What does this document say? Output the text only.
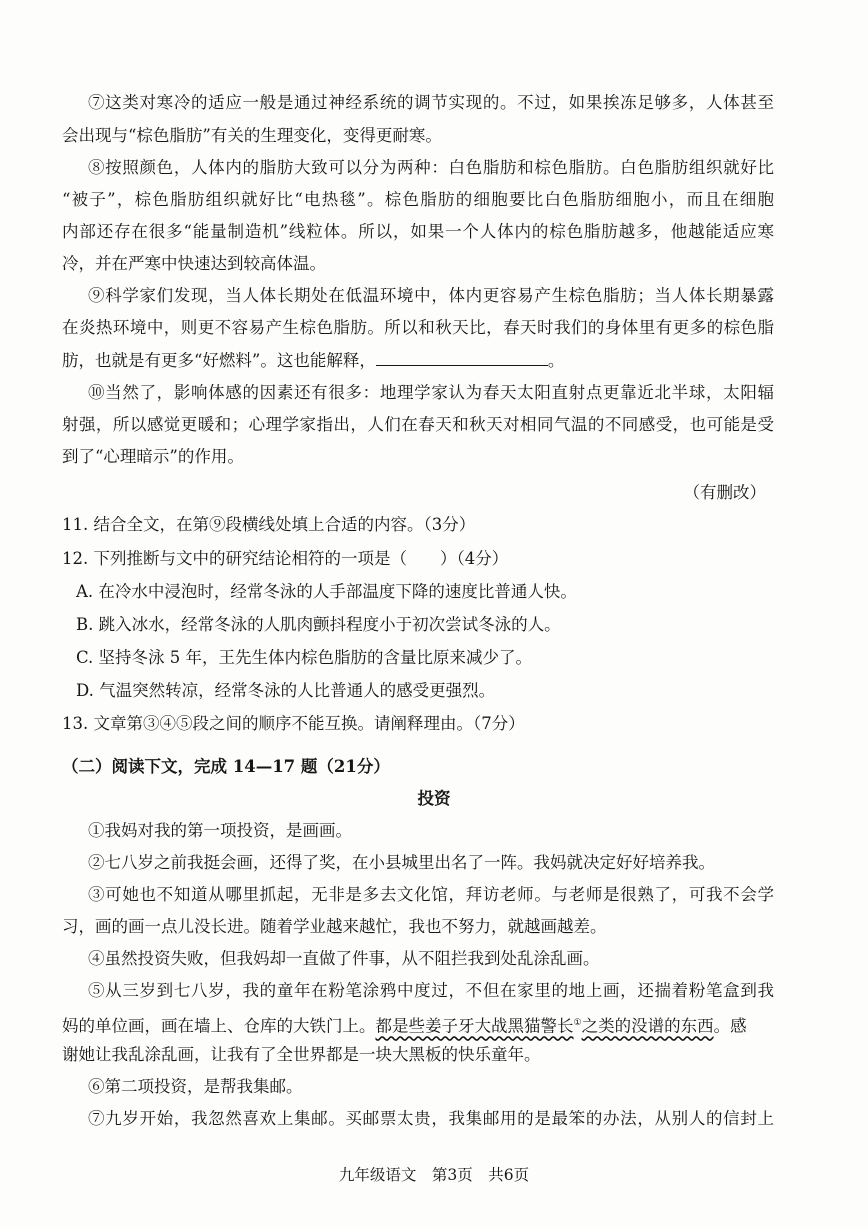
⑦这类对寒冷的适应一般是通过神经系统的调节实现的。不过，如果挨冻足够多，人体甚至
会出现与“棕色脂肪”有关的生理变化，变得更耐寒。
⑧按照颜色，人体内的脂肪大致可以分为两种：白色脂肪和棕色脂肪。白色脂肪组织就好比
“被子”，棕色脂肪组织就好比“电热毯”。棕色脂肪的细胞要比白色脂肪细胞小，而且在细胞
内部还存在很多“能量制造机”线粒体。所以，如果一个人体内的棕色脂肪越多，他越能适应寒
冷，并在严寒中快速达到较高体温。
⑨科学家们发现，当人体长期处在低温环境中，体内更容易产生棕色脂肪；当人体长期暴露
在炎热环境中，则更不容易产生棕色脂肪。所以和秋天比，春天时我们的身体里有更多的棕色脂
肪，也就是有更多“好燃料”。这也能解释，	。
⑩当然了，影响体感的因素还有很多：地理学家认为春天太阳直射点更靠近北半球，太阳辐
射强，所以感觉更暖和；心理学家指出，人们在春天和秋天对相同气温的不同感受，也可能是受
到了“心理暗示”的作用。
（有删改）
11. 结合全文，在第⑨段横线处填上合适的内容。（3分）
12. 下列推断与文中的研究结论相符的一项是（　　）（4分）
A. 在冷水中浸泡时，经常冬泳的人手部温度下降的速度比普通人快。
B. 跳入冰水，经常冬泳的人肌肉颤抖程度小于初次尝试冬泳的人。
C. 坚持冬泳 5 年，王先生体内棕色脂肪的含量比原来减少了。
D. 气温突然转凉，经常冬泳的人比普通人的感受更强烈。
13. 文章第③④⑤段之间的顺序不能互换。请阐释理由。（7分）
（二）阅读下文，完成 14—17 题（21分）
投资
①我妈对我的第一项投资，是画画。
②七八岁之前我挺会画，还得了奖，在小县城里出名了一阵。我妈就决定好好培养我。
③可她也不知道从哪里抓起，无非是多去文化馆，拜访老师。与老师是很熟了，可我不会学
习，画的画一点儿没长进。随着学业越来越忙，我也不努力，就越画越差。
④虽然投资失败，但我妈却一直做了件事，从不阻拦我到处乱涂乱画。
⑤从三岁到七八岁，我的童年在粉笔涂鸦中度过，不但在家里的地上画，还揣着粉笔盒到我
妈的单位画，画在墙上、仓库的大铁门上。都是些姜子牙大战黑猫警长①之类的没谱的东西。感
谢她让我乱涂乱画，让我有了全世界都是一块大黑板的快乐童年。
⑥第二项投资，是帮我集邮。
⑦九岁开始，我忽然喜欢上集邮。买邮票太贵，我集邮用的是最笨的办法，从别人的信封上
九年级语文　第3页　共6页
